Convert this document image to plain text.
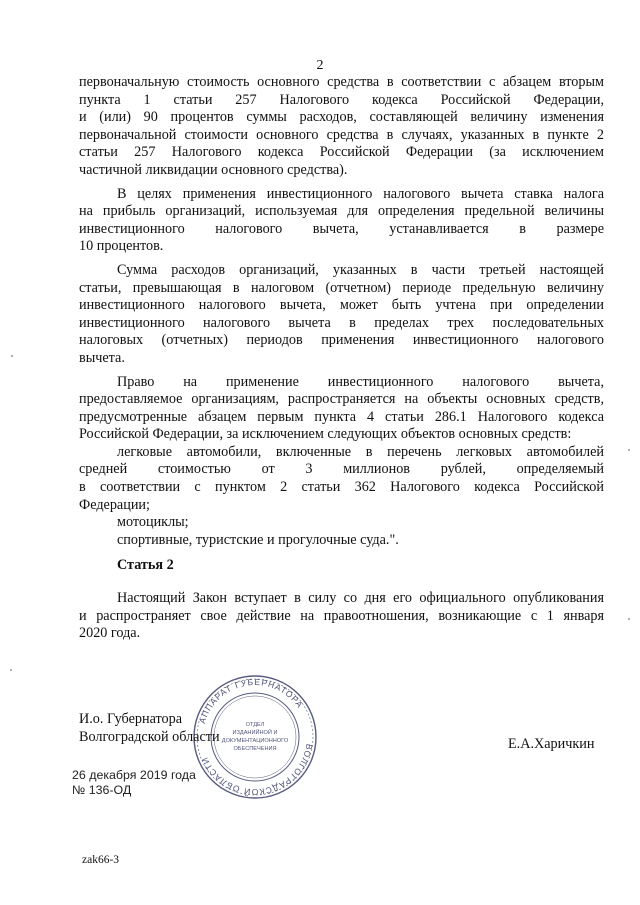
2

первоначальную стоимость основного средства в соответствии с абзацем вторым

пункта 1 статьи 257 Налогового кодекса Российской Федерации,

и (или) 90 процентов суммы расходов, составляющей величину изменения

первоначальной стоимости основного средства в случаях, указанных в пункте 2

статьи 257 Налогового кодекса Российской Федерации (за исключением

частичной ликвидации основного средства).

В целях применения инвестиционного налогового вычета ставка налога

на прибыль организаций, используемая для определения предельной величины

инвестиционного налогового вычета, устанавливается в размере

10 процентов.

Сумма расходов организаций, указанных в части третьей настоящей

статьи, превышающая в налоговом (отчетном) периоде предельную величину

инвестиционного налогового вычета, может быть учтена при определении

инвестиционного налогового вычета в пределах трех последовательных

налоговых (отчетных) периодов применения инвестиционного налогового

вычета.

Право на применение инвестиционного налогового вычета,

предоставляемое организациям, распространяется на объекты основных средств,

предусмотренные абзацем первым пункта 4 статьи 286.1 Налогового кодекса

Российской Федерации, за исключением следующих объектов основных средств:

легковые автомобили, включенные в перечень легковых автомобилей

средней стоимостью от 3 миллионов рублей, определяемый

в соответствии с пунктом 2 статьи 362 Налогового кодекса Российской

Федерации;

мотоциклы;

спортивные, туристские и прогулочные суда.".

Статья 2

Настоящий Закон вступает в силу со дня его официального опубликования

и распространяет свое действие на правоотношения, возникающие с 1 января

2020 года.

АППАРАТ ГУБЕРНАТОРА
ВОЛГОГРАДСКОЙ ОБЛАСТИ
ОТДЕЛ
ИЗДАНИЙНОЙ И
ДОКУМЕНТАЦИОННОГО
ОБЕСПЕЧЕНИЯ
И.о. Губернатора
Волгоградской области	Е.А.Харичкин
26 декабря 2019 года
№ 136-ОД
zak66-3
